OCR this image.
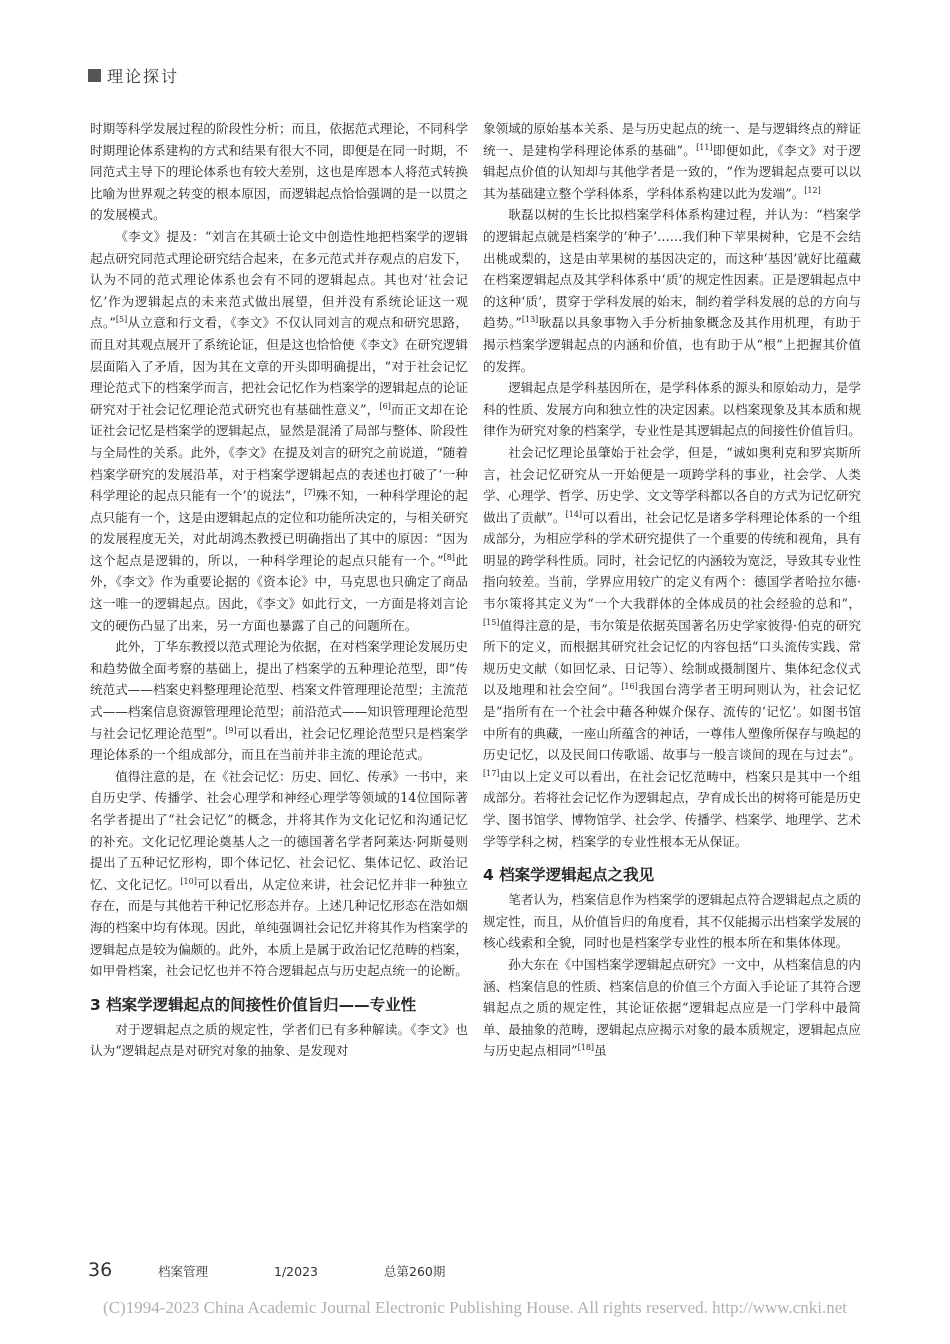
理论探讨

时期等科学发展过程的阶段性分析；而且，依据范式理论，不同科学时期理论体系建构的方式和结果有很大不同，即便是在同一时期，不同范式主导下的理论体系也有较大差别，这也是库恩本人将范式转换比喻为世界观之转变的根本原因，而逻辑起点恰恰强调的是一以贯之的发展模式。

《李文》提及：“刘言在其硕士论文中创造性地把档案学的逻辑起点研究同范式理论研究结合起来，在多元范式并存观点的启发下，认为不同的范式理论体系也会有不同的逻辑起点。其也对‘社会记忆’作为逻辑起点的未来范式做出展望，但并没有系统论证这一观点。”[5]从立意和行文看，《李文》不仅认同刘言的观点和研究思路，而且对其观点展开了系统论证，但是这也恰恰使《李文》在研究逻辑层面陷入了矛盾，因为其在文章的开头即明确提出，“对于社会记忆理论范式下的档案学而言，把社会记忆作为档案学的逻辑起点的论证研究对于社会记忆理论范式研究也有基础性意义”，[6]而正文却在论证社会记忆是档案学的逻辑起点，显然是混淆了局部与整体、阶段性与全局性的关系。此外，《李文》在提及刘言的研究之前说道，“随着档案学研究的发展沿革，对于档案学逻辑起点的表述也打破了‘一种科学理论的起点只能有一个’的说法”，[7]殊不知，一种科学理论的起点只能有一个，这是由逻辑起点的定位和功能所决定的，与相关研究的发展程度无关，对此胡鸿杰教授已明确指出了其中的原因：“因为这个起点是逻辑的，所以，一种科学理论的起点只能有一个。”[8]此外，《李文》作为重要论据的《资本论》中，马克思也只确定了商品这一唯一的逻辑起点。因此，《李文》如此行文，一方面是将刘言论文的硬伤凸显了出来，另一方面也暴露了自己的问题所在。

此外，丁华东教授以范式理论为依据，在对档案学理论发展历史和趋势做全面考察的基础上，提出了档案学的五种理论范型，即“传统范式——档案史料整理理论范型、档案文件管理理论范型；主流范式——档案信息资源管理理论范型；前沿范式——知识管理理论范型与社会记忆理论范型”。[9]可以看出，社会记忆理论范型只是档案学理论体系的一个组成部分，而且在当前并非主流的理论范式。

值得注意的是，在《社会记忆：历史、回忆、传承》一书中，来自历史学、传播学、社会心理学和神经心理学等领域的14位国际著名学者提出了“社会记忆”的概念，并将其作为文化记忆和沟通记忆的补充。文化记忆理论奠基人之一的德国著名学者阿莱达·阿斯曼则提出了五种记忆形构，即个体记忆、社会记忆、集体记忆、政治记忆、文化记忆。[10]可以看出，从定位来讲，社会记忆并非一种独立存在，而是与其他若干种记忆形态并存。上述几种记忆形态在浩如烟海的档案中均有体现。因此，单纯强调社会记忆并将其作为档案学的逻辑起点是较为偏颇的。此外，本质上是属于政治记忆范畴的档案，如甲骨档案，社会记忆也并不符合逻辑起点与历史起点统一的论断。

3 档案学逻辑起点的间接性价值旨归——专业性

对于逻辑起点之质的规定性，学者们已有多种解读。《李文》也认为“逻辑起点是对研究对象的抽象、是发现对

象领域的原始基本关系、是与历史起点的统一、是与逻辑终点的辩证统一、是建构学科理论体系的基础”。[11]即便如此，《李文》对于逻辑起点价值的认知却与其他学者是一致的，“作为逻辑起点要可以以其为基础建立整个学科体系，学科体系构建以此为发端”。[12]

耿磊以树的生长比拟档案学科体系构建过程，并认为：“档案学的逻辑起点就是档案学的‘种子’……我们种下苹果树种，它是不会结出桃或梨的，这是由苹果树的基因决定的，而这种‘基因’就好比蕴藏在档案逻辑起点及其学科体系中‘质’的规定性因素。正是逻辑起点中的这种‘质’，贯穿于学科发展的始末，制约着学科发展的总的方向与趋势。”[13]耿磊以具象事物入手分析抽象概念及其作用机理，有助于揭示档案学逻辑起点的内涵和价值，也有助于从“根”上把握其价值的发挥。

逻辑起点是学科基因所在，是学科体系的源头和原始动力，是学科的性质、发展方向和独立性的决定因素。以档案现象及其本质和规律作为研究对象的档案学，专业性是其逻辑起点的间接性价值旨归。

社会记忆理论虽肇始于社会学，但是，“诚如奥利克和罗宾斯所言，社会记忆研究从一开始便是一项跨学科的事业，社会学、人类学、心理学、哲学、历史学、文文等学科都以各自的方式为记忆研究做出了贡献”。[14]可以看出，社会记忆是诸多学科理论体系的一个组成部分，为相应学科的学术研究提供了一个重要的传统和视角，具有明显的跨学科性质。同时，社会记忆的内涵较为宽泛，导致其专业性指向较差。当前，学界应用较广的定义有两个：德国学者哈拉尔德·韦尔策将其定义为“一个大我群体的全体成员的社会经验的总和”，[15]值得注意的是，韦尔策是依据英国著名历史学家彼得·伯克的研究所下的定义，而根据其研究社会记忆的内容包括“口头流传实践、常规历史文献（如回忆录、日记等）、绘制或摄制图片、集体纪念仪式以及地理和社会空间”。[16]我国台湾学者王明珂则认为，社会记忆是“指所有在一个社会中藉各种媒介保存、流传的‘记忆’。如图书馆中所有的典藏，一座山所蕴含的神话，一尊伟人塑像所保存与唤起的历史记忆，以及民间口传歌谣、故事与一般言谈间的现在与过去”。[17]由以上定义可以看出，在社会记忆范畴中，档案只是其中一个组成部分。若将社会记忆作为逻辑起点，孕育成长出的树将可能是历史学、图书馆学、博物馆学、社会学、传播学、档案学、地理学、艺术学等学科之树，档案学的专业性根本无从保证。

4 档案学逻辑起点之我见

笔者认为，档案信息作为档案学的逻辑起点符合逻辑起点之质的规定性，而且，从价值旨归的角度看，其不仅能揭示出档案学发展的核心线索和全貌，同时也是档案学专业性的根本所在和集体体现。

孙大东在《中国档案学逻辑起点研究》一文中，从档案信息的内涵、档案信息的性质、档案信息的价值三个方面入手论证了其符合逻辑起点之质的规定性，其论证依据“逻辑起点应是一门学科中最简单、最抽象的范畴，逻辑起点应揭示对象的最本质规定，逻辑起点应与历史起点相同”[18]虽

36	档案管理	1/2023	总第260期
(C)1994-2023 China Academic Journal Electronic Publishing House. All rights reserved. http://www.cnki.net
